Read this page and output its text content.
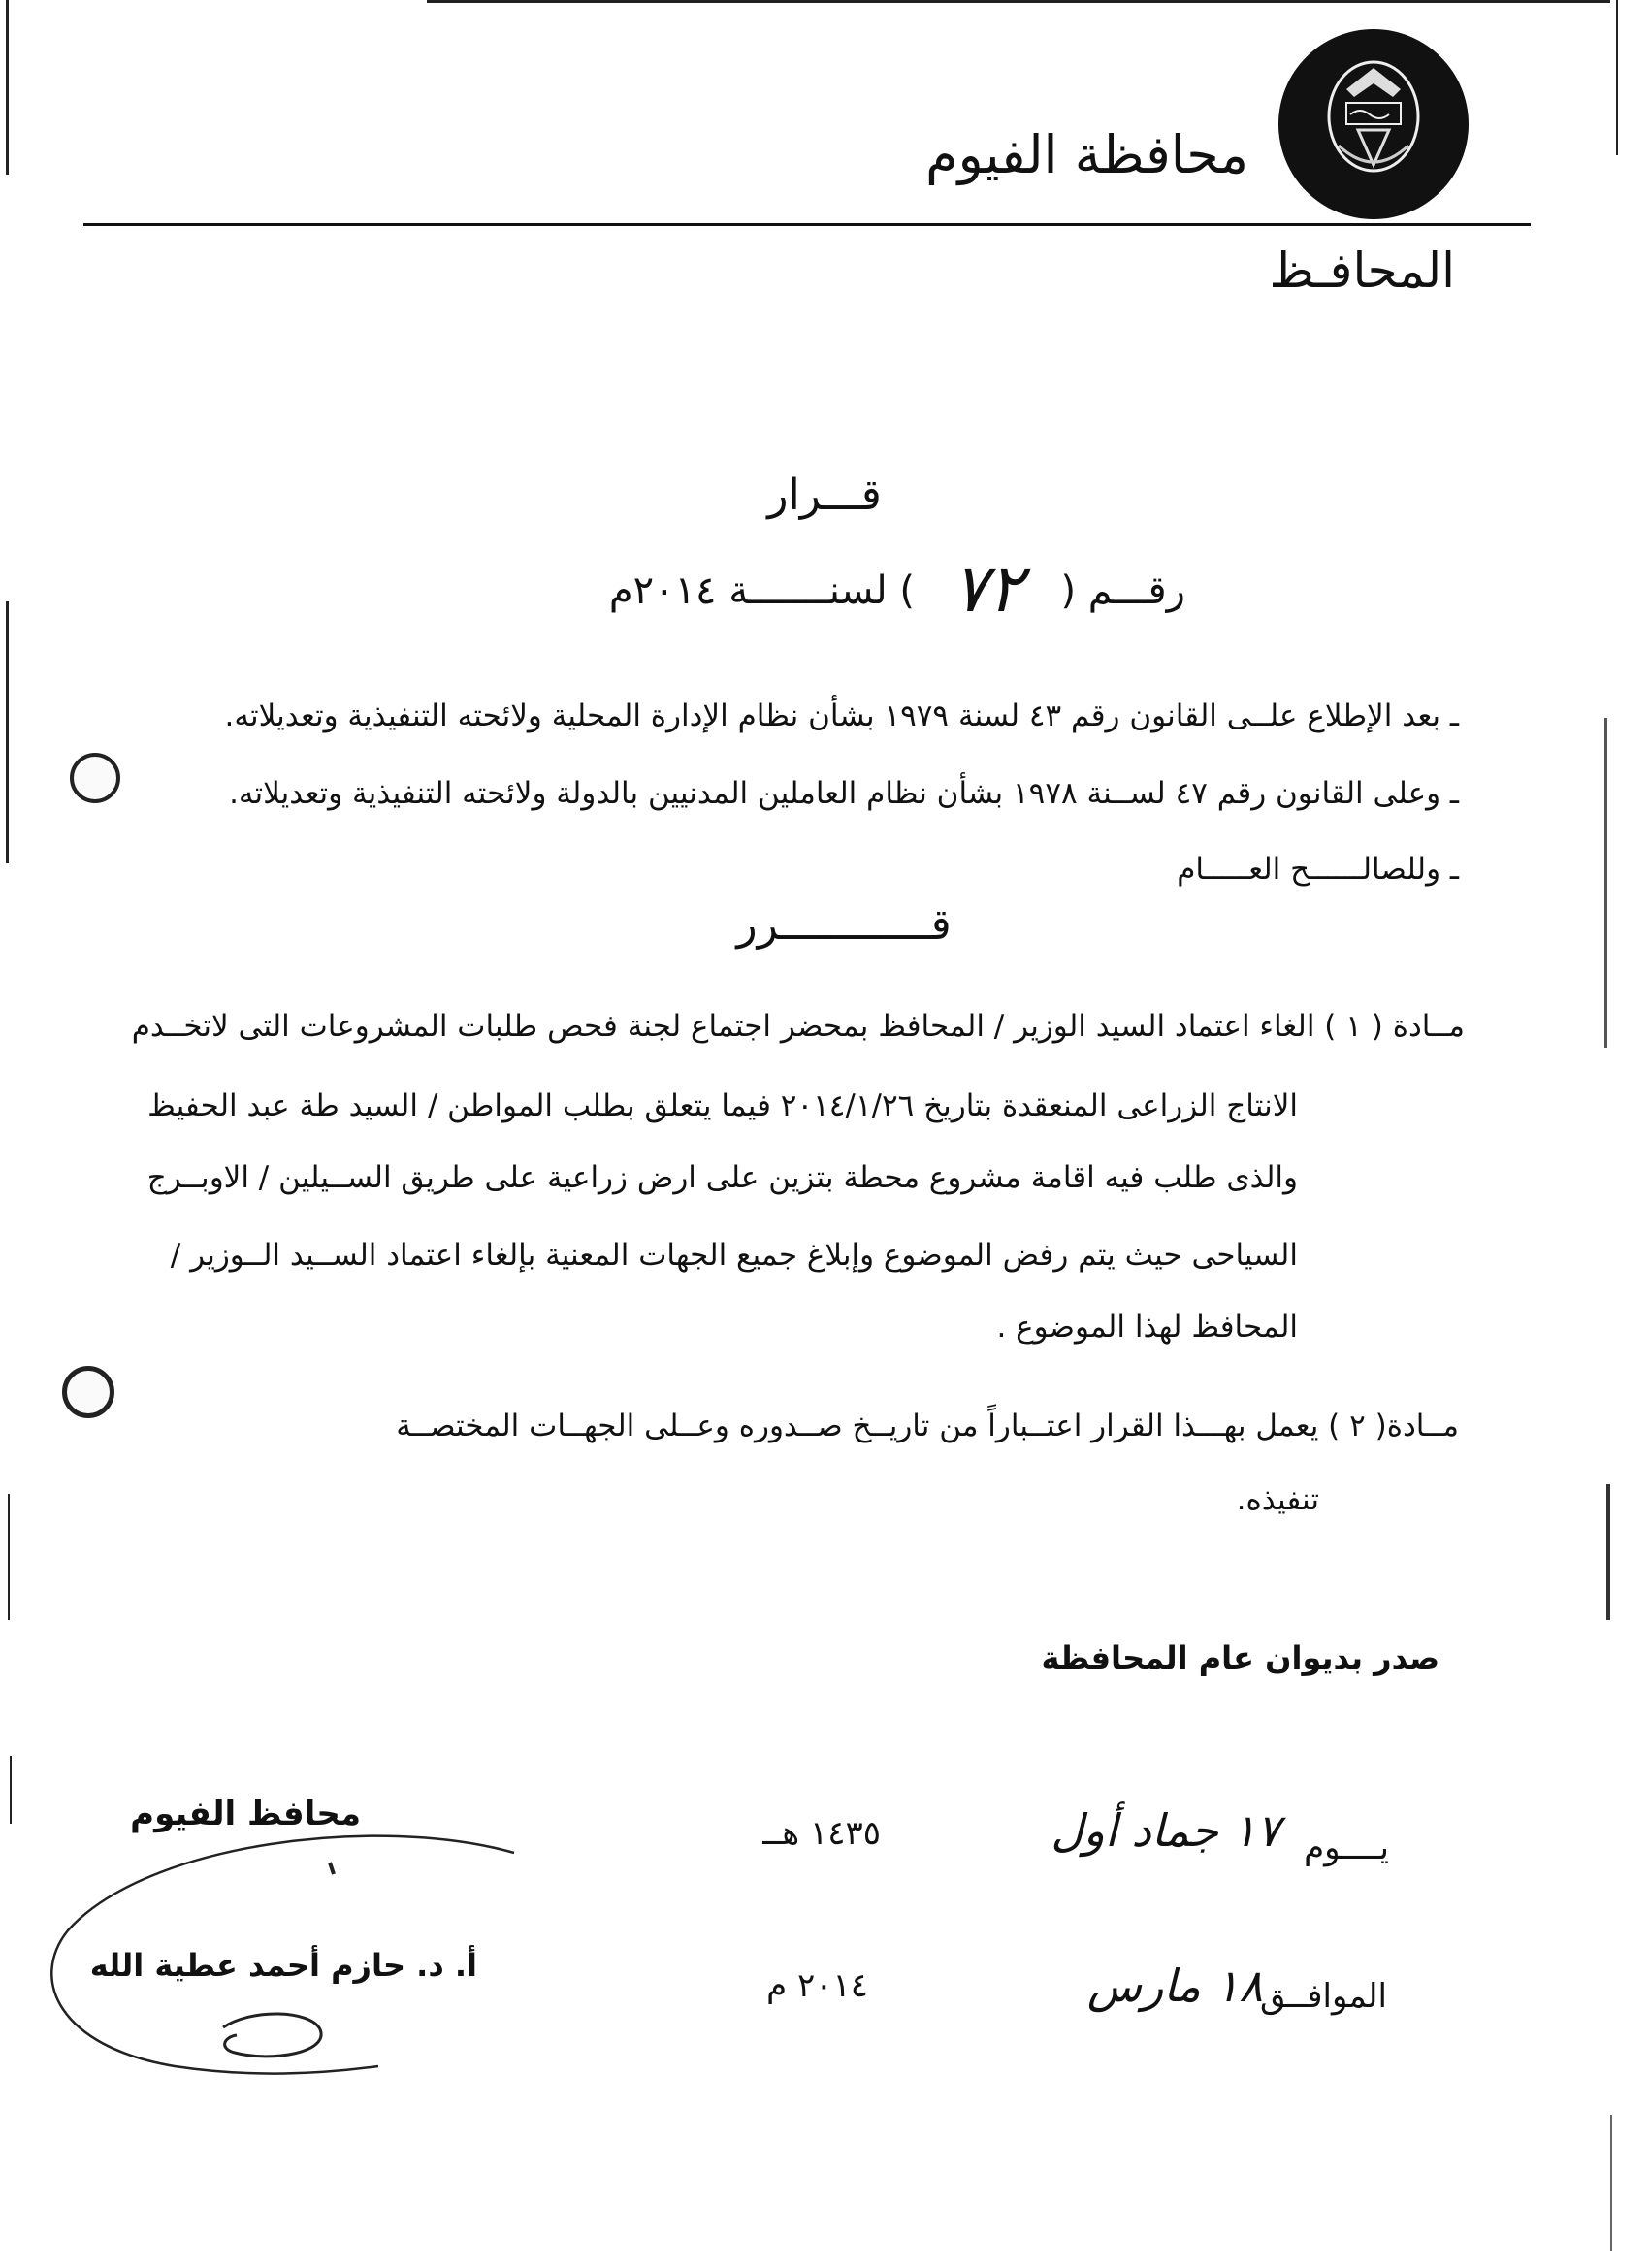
محافظة الفيوم
المحافـظ
قـــرار
رقـــم ( ٧٢ ) لسنـــــــة ٢٠١٤م
ـ بعد الإطلاع علــى القانون رقم ٤٣ لسنة ١٩٧٩ بشأن نظام الإدارة المحلية ولائحته التنفيذية وتعديلاته.
ـ وعلى القانون رقم ٤٧ لســنة ١٩٧٨ بشأن نظام العاملين المدنيين بالدولة ولائحته التنفيذية وتعديلاته.
ـ وللصالــــــح العـــــام
قــــــــــــرر
مــادة ( ١ ) الغاء اعتماد السيد الوزير / المحافظ بمحضر اجتماع لجنة فحص طلبات المشروعات التى لاتخــدم
الانتاج الزراعى المنعقدة بتاريخ ٢٠١٤/١/٢٦ فيما يتعلق بطلب المواطن / السيد طة عبد الحفيظ
والذى طلب فيه اقامة مشروع محطة بتزين على ارض زراعية على طريق الســيلين / الاوبــرج
السياحى حيث يتم رفض الموضوع وإبلاغ جميع الجهات المعنية بإلغاء اعتماد الســيد الــوزير /
المحافظ لهذا الموضوع .
مــادة( ٢ ) يعمل بهـــذا القرار اعتــباراً من تاريــخ صــدوره وعــلى الجهــات المختصــة
تنفيذه.
صدر بديوان عام المحافظة
يــــوم
١٧ جماد أول
١٤٣٥ هــ
الموافــق
١٨ مارس
٢٠١٤ م
محافظ الفيوم
أ. د. حازم أحمد عطية الله
